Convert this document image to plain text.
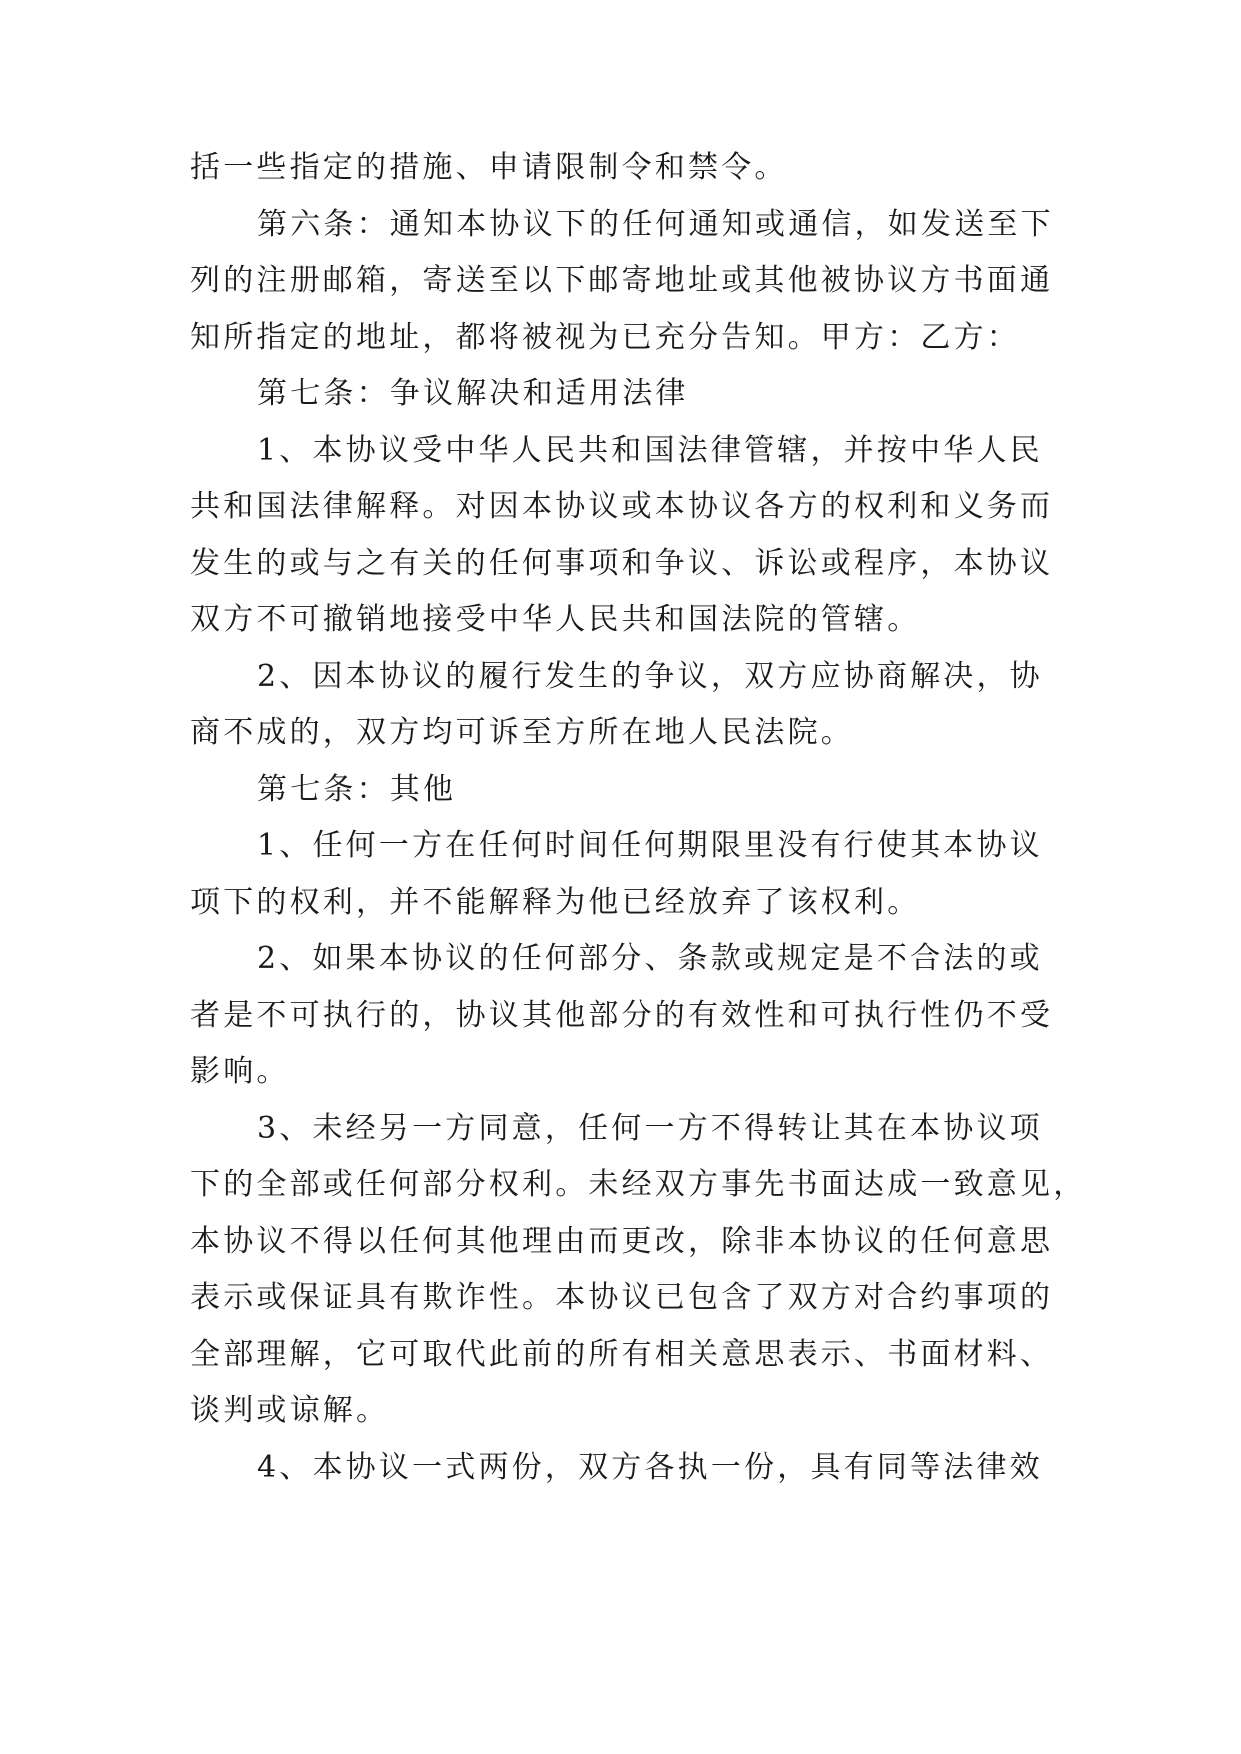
括一些指定的措施、申请限制令和禁令。
第六条：通知本协议下的任何通知或通信，如发送至下
列的注册邮箱，寄送至以下邮寄地址或其他被协议方书面通
知所指定的地址，都将被视为已充分告知。甲方：乙方：
第七条：争议解决和适用法律
1、本协议受中华人民共和国法律管辖，并按中华人民
共和国法律解释。对因本协议或本协议各方的权利和义务而
发生的或与之有关的任何事项和争议、诉讼或程序，本协议
双方不可撤销地接受中华人民共和国法院的管辖。
2、因本协议的履行发生的争议，双方应协商解决，协
商不成的，双方均可诉至方所在地人民法院。
第七条：其他
1、任何一方在任何时间任何期限里没有行使其本协议
项下的权利，并不能解释为他已经放弃了该权利。
2、如果本协议的任何部分、条款或规定是不合法的或
者是不可执行的，协议其他部分的有效性和可执行性仍不受
影响。
3、未经另一方同意，任何一方不得转让其在本协议项
下的全部或任何部分权利。未经双方事先书面达成一致意见，
本协议不得以任何其他理由而更改，除非本协议的任何意思
表示或保证具有欺诈性。本协议已包含了双方对合约事项的
全部理解，它可取代此前的所有相关意思表示、书面材料、
谈判或谅解。
4、本协议一式两份，双方各执一份，具有同等法律效
